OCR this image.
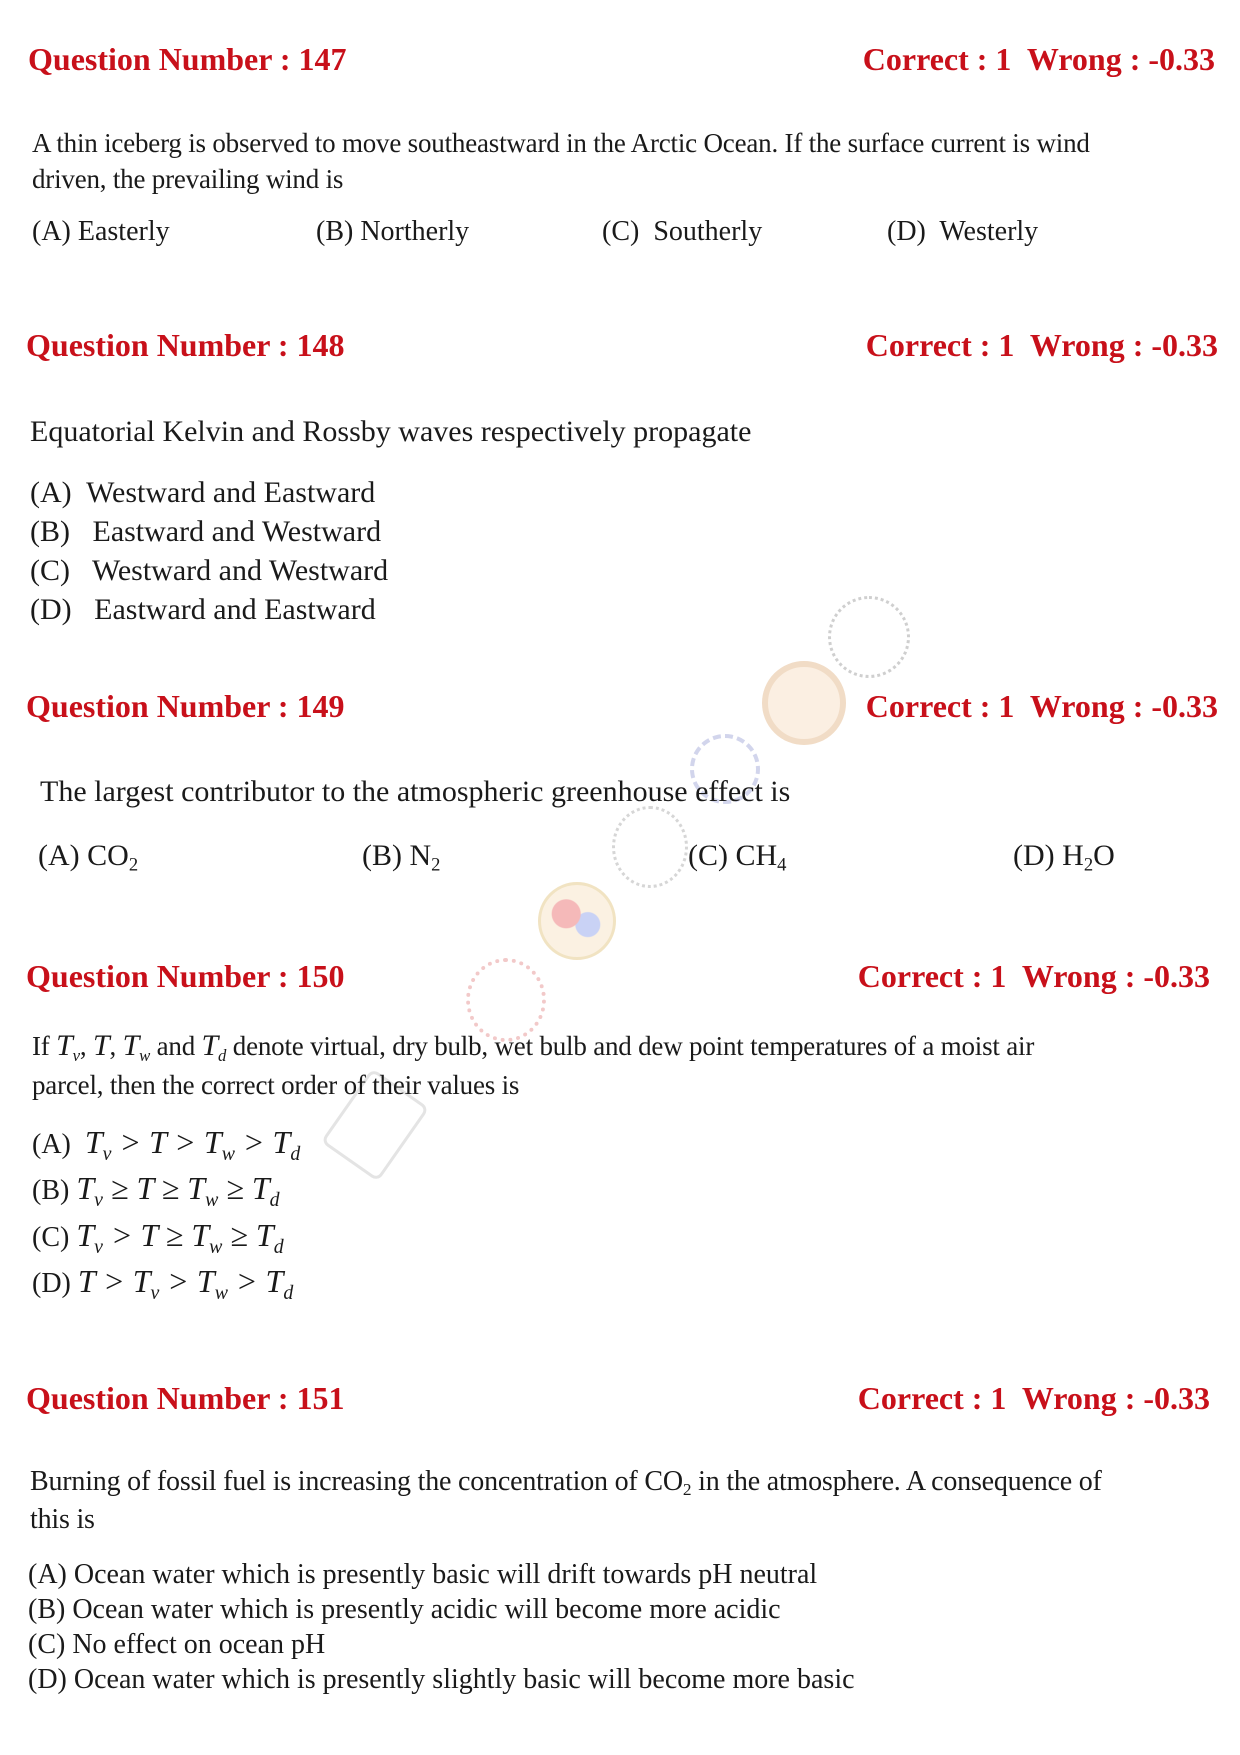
Question Number : 147	Correct : 1  Wrong : -0.33
A thin iceberg is observed to move southeastward in the Arctic Ocean. If the surface current is wind
driven, the prevailing wind is
(A) Easterly	(B) Northerly	(C)  Southerly	(D)  Westerly
Question Number : 148	Correct : 1  Wrong : -0.33
Equatorial Kelvin and Rossby waves respectively propagate
(A)  Westward and Eastward
(B)   Eastward and Westward
(C)   Westward and Westward
(D)   Eastward and Eastward
Question Number : 149	Correct : 1  Wrong : -0.33
The largest contributor to the atmospheric greenhouse effect is
(A) $CO_2$	(B) $N_2$	(C) $CH_4$	(D) $H_2O$
Question Number : 150	Correct : 1  Wrong : -0.33
If $T_v$, T, $T_w$ and $T_d$ denote virtual, dry bulb, wet bulb and dew point temperatures of a moist air
parcel, then the correct order of their values is
(A) $T_v > T > T_w > T_d$
(B) $T_v \ge T \ge T_w \ge T_d$
(C) $T_v > T \ge T_w \ge T_d$
(D) $T > T_v > T_w > T_d$
Question Number : 151	Correct : 1  Wrong : -0.33
Burning of fossil fuel is increasing the concentration of $CO_2$ in the atmosphere. A consequence of
this is
(A) Ocean water which is presently basic will drift towards pH neutral
(B) Ocean water which is presently acidic will become more acidic
(C) No effect on ocean pH
(D) Ocean water which is presently slightly basic will become more basic
